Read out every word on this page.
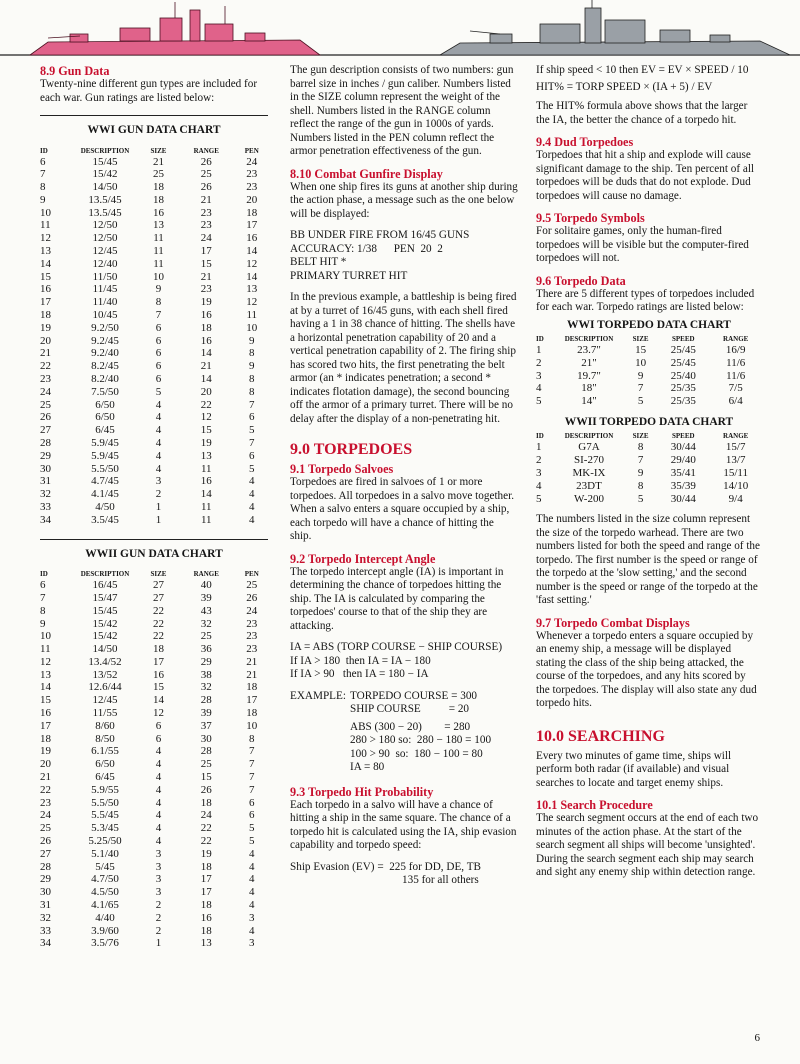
8.9 Gun Data

Twenty-nine different gun types are included for each war. Gun ratings are listed below:

WWI GUN DATA CHART
ID	DESCRIPTION	SIZE	RANGE	PEN
6	15/45	21	26	24
7	15/42	25	25	23
8	14/50	18	26	23
9	13.5/45	18	21	20
10	13.5/45	16	23	18
11	12/50	13	23	17
12	12/50	11	24	16
13	12/45	11	17	14
14	12/40	11	15	12
15	11/50	10	21	14
16	11/45	9	23	13
17	11/40	8	19	12
18	10/45	7	16	11
19	9.2/50	6	18	10
20	9.2/45	6	16	9
21	9.2/40	6	14	8
22	8.2/45	6	21	9
23	8.2/40	6	14	8
24	7.5/50	5	20	8
25	6/50	4	22	7
26	6/50	4	12	6
27	6/45	4	15	5
28	5.9/45	4	19	7
29	5.9/45	4	13	6
30	5.5/50	4	11	5
31	4.7/45	3	16	4
32	4.1/45	2	14	4
33	4/50	1	11	4
34	3.5/45	1	11	4
WWII GUN DATA CHART
ID	DESCRIPTION	SIZE	RANGE	PEN
6	16/45	27	40	25
7	15/47	27	39	26
8	15/45	22	43	24
9	15/42	22	32	23
10	15/42	22	25	23
11	14/50	18	36	23
12	13.4/52	17	29	21
13	13/52	16	38	21
14	12.6/44	15	32	18
15	12/45	14	28	17
16	11/55	12	39	18
17	8/60	6	37	10
18	8/50	6	30	8
19	6.1/55	4	28	7
20	6/50	4	25	7
21	6/45	4	15	7
22	5.9/55	4	26	7
23	5.5/50	4	18	6
24	5.5/45	4	24	6
25	5.3/45	4	22	5
26	5.25/50	4	22	5
27	5.1/40	3	19	4
28	5/45	3	18	4
29	4.7/50	3	17	4
30	4.5/50	3	17	4
31	4.1/65	2	18	4
32	4/40	2	16	3
33	3.9/60	2	18	4
34	3.5/76	1	13	3

The gun description consists of two numbers: gun barrel size in inches / gun caliber. Numbers listed in the SIZE column represent the weight of the shell. Numbers listed in the RANGE column reflect the range of the gun in 1000s of yards. Numbers listed in the PEN column reflect the armor penetration effectiveness of the gun.

8.10 Combat Gunfire Display

When one ship fires its guns at another ship during the action phase, a message such as the one below will be displayed:

BB UNDER FIRE FROM 16/45 GUNS
ACCURACY: 1/38      PEN  20  2
BELT HIT *
PRIMARY TURRET HIT

In the previous example, a battleship is being fired at by a turret of 16/45 guns, with each shell fired having a 1 in 38 chance of hitting. The shells have a horizontal penetration capability of 20 and a vertical penetration capability of 2. The firing ship has scored two hits, the first penetrating the belt armor (an * indicates penetration; a second * indicates flotation damage), the second bouncing off the armor of a primary turret. There will be no delay after the display of a non-penetrating hit.

9.0 TORPEDOES
9.1 Torpedo Salvoes

Torpedoes are fired in salvoes of 1 or more torpedoes. All torpedoes in a salvo move together. When a salvo enters a square occupied by a ship, each torpedo will have a chance of hitting the ship.

9.2 Torpedo Intercept Angle

The torpedo intercept angle (IA) is important in determining the chance of torpedoes hitting the ship. The IA is calculated by comparing the torpedoes' course to that of the ship they are attacking.

IA = ABS (TORP COURSE − SHIP COURSE)
If IA > 180  then IA = IA − 180
If IA > 90   then IA = 180 − IA
EXAMPLE: TORPEDO COURSE = 300
SHIP COURSE          = 20
ABS (300 − 20)        = 280
280 > 180 so:  280 − 180 = 100
100 > 90  so:  180 − 100 = 80
IA = 80
9.3 Torpedo Hit Probability

Each torpedo in a salvo will have a chance of hitting a ship in the same square. The chance of a torpedo hit is calculated using the IA, ship evasion capability and torpedo speed:

Ship Evasion (EV) =  225 for DD, DE, TB
135 for all others
If ship speed < 10 then EV = EV × SPEED / 10
HIT% = TORP SPEED × (IA + 5) / EV

The HIT% formula above shows that the larger the IA, the better the chance of a torpedo hit.

9.4 Dud Torpedoes

Torpedoes that hit a ship and explode will cause significant damage to the ship. Ten percent of all torpedoes will be duds that do not explode. Dud torpedoes will cause no damage.

9.5 Torpedo Symbols

For solitaire games, only the human-fired torpedoes will be visible but the computer-fired torpedoes will not.

9.6 Torpedo Data

There are 5 different types of torpedoes included for each war. Torpedo ratings are listed below:

WWI TORPEDO DATA CHART
ID	DESCRIPTION	SIZE	SPEED	RANGE
1	23.7"	15	25/45	16/9
2	21"	10	25/45	11/6
3	19.7"	9	25/40	11/6
4	18"	7	25/35	7/5
5	14"	5	25/35	6/4
WWII TORPEDO DATA CHART
ID	DESCRIPTION	SIZE	SPEED	RANGE
1	G7A	8	30/44	15/7
2	SI-270	7	29/40	13/7
3	MK-IX	9	35/41	15/11
4	23DT	8	35/39	14/10
5	W-200	5	30/44	9/4

The numbers listed in the size column represent the size of the torpedo warhead. There are two numbers listed for both the speed and range of the torpedo. The first number is the speed or range of the torpedo at the 'slow setting,' and the second number is the speed or range of the torpedo at the 'fast setting.'

9.7 Torpedo Combat Displays

Whenever a torpedo enters a square occupied by an enemy ship, a message will be displayed stating the class of the ship being attacked, the course of the torpedoes, and any hits scored by the torpedoes. The display will also state any dud torpedo hits.

10.0 SEARCHING

Every two minutes of game time, ships will perform both radar (if available) and visual searches to locate and target enemy ships.

10.1 Search Procedure

The search segment occurs at the end of each two minutes of the action phase. At the start of the search segment all ships will become 'unsighted'. During the search segment each ship may search and sight any enemy ship within detection range.

6
